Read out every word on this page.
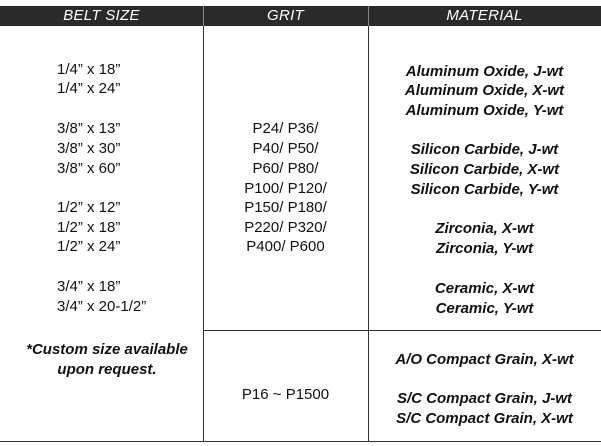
BELT SIZE	GRIT	MATERIAL
1/4” x 18”
1/4” x 24”
3/8” x 13”
3/8” x 30”
3/8” x 60”
1/2” x 12”
1/2” x 18”
1/2” x 24”
3/4” x 18”
3/4” x 20-1/2”
*Custom size available
upon request.
P24/ P36/
P40/ P50/
P60/ P80/
P100/ P120/
P150/ P180/
P220/ P320/
P400/ P600
P16 ~ P1500
Aluminum Oxide, J-wt
Aluminum Oxide, X-wt
Aluminum Oxide, Y-wt
Silicon Carbide, J-wt
Silicon Carbide, X-wt
Silicon Carbide, Y-wt
Zirconia, X-wt
Zirconia, Y-wt
Ceramic, X-wt
Ceramic, Y-wt
A/O Compact Grain, X-wt
S/C Compact Grain, J-wt
S/C Compact Grain, X-wt
